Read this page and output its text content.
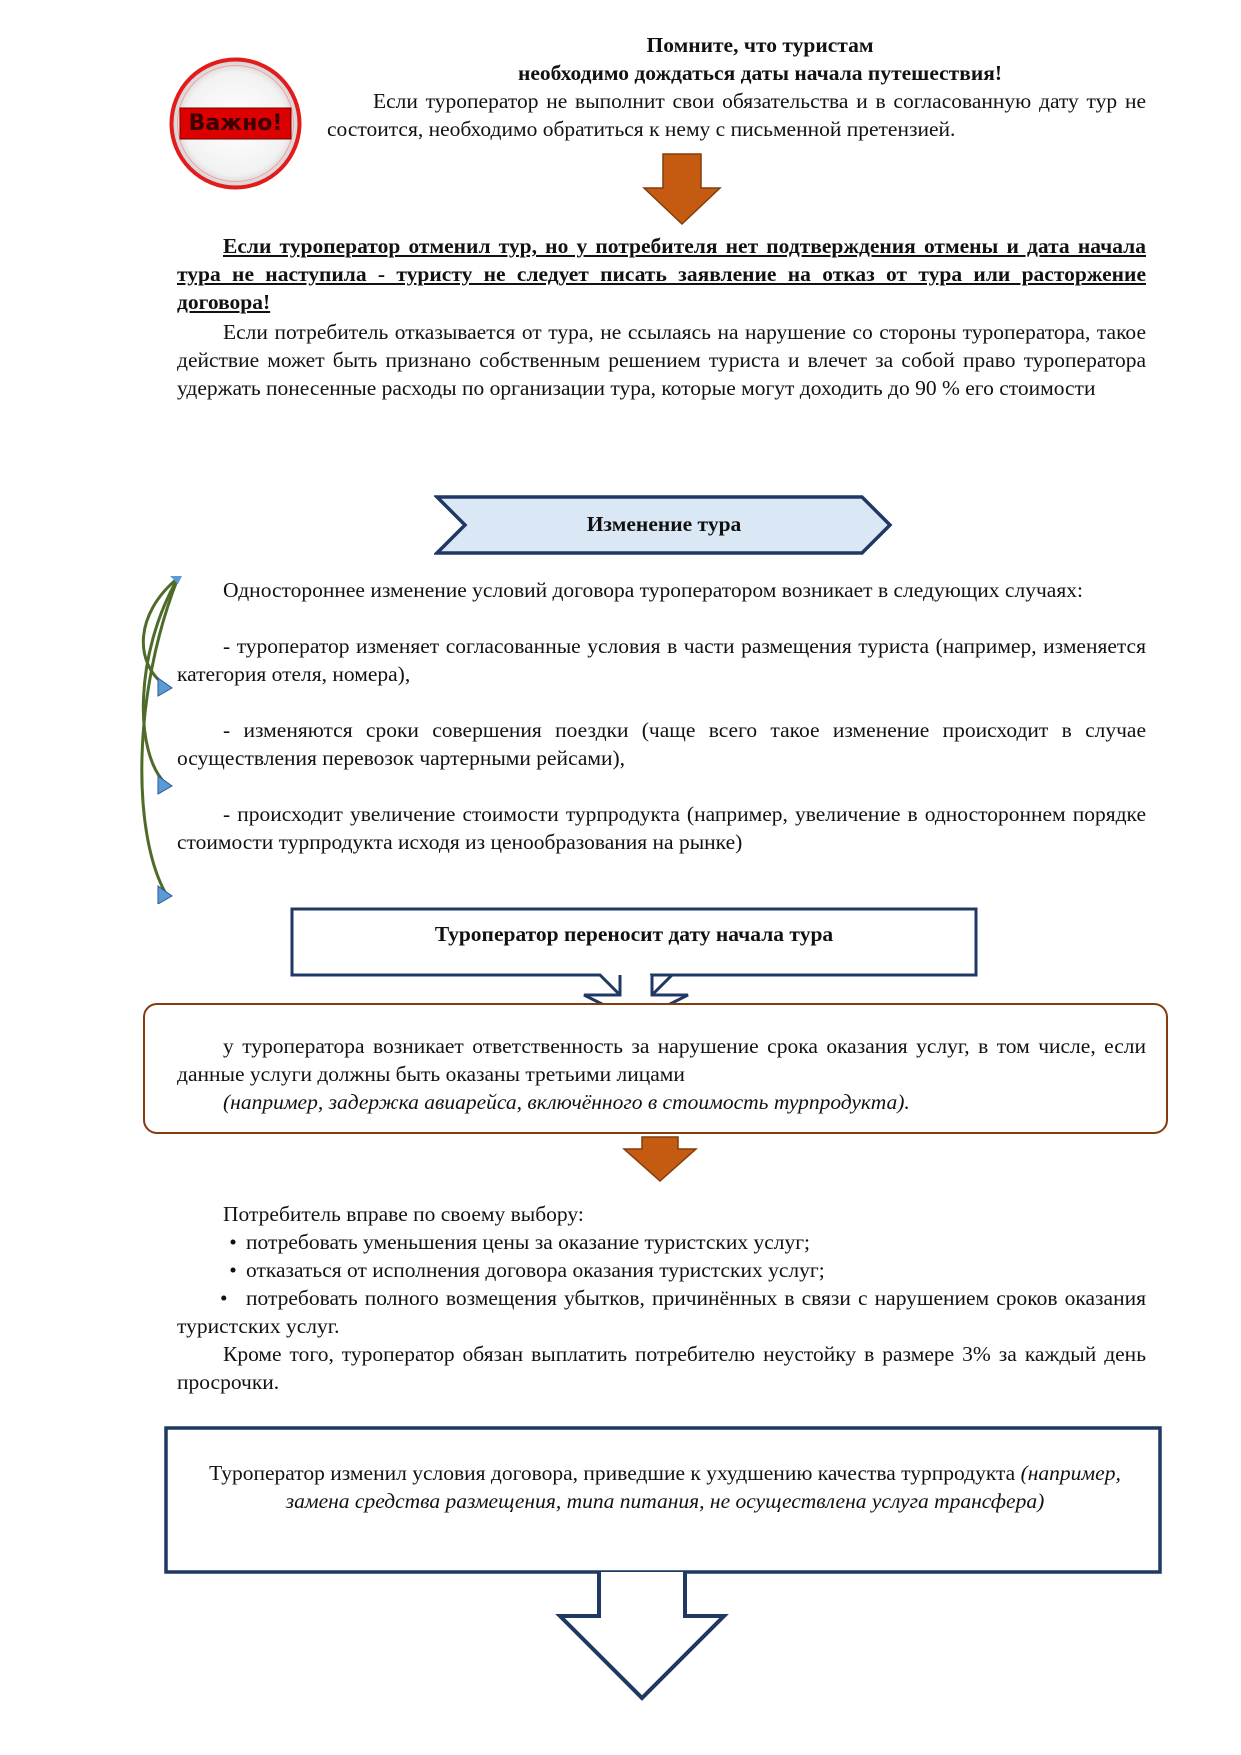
Важно!
Помните, что туристам
необходимо дождаться даты начала путешествия!

Если туроператор не выполнит свои обязательства и в согласованную дату тур не состоится, необходимо обратиться к нему с письменной претензией.

Если туроператор отменил тур, но у потребителя нет подтверждения отмены и дата начала тура не наступила - туристу не следует писать заявление на отказ от тура или расторжение договора!

Если потребитель отказывается от тура, не ссылаясь на нарушение со стороны туроператора, такое действие может быть признано собственным решением туриста и влечет за собой право туроператора удержать понесенные расходы по организации тура, которые могут доходить до 90 % его стоимости

Изменение тура

Одностороннее изменение условий договора туроператором возникает в следующих случаях:

- туроператор изменяет согласованные условия в части размещения туриста (например, изменяется категория отеля, номера),

- изменяются сроки совершения поездки (чаще всего такое изменение происходит в случае осуществления перевозок чартерными рейсами),

- происходит увеличение стоимости турпродукта (например, увеличение в одностороннем порядке стоимости турпродукта исходя из ценообразования на рынке)

Туроператор переносит дату начала тура

у туроператора возникает ответственность за нарушение срока оказания услуг, в том числе, если данные услуги должны быть оказаны третьими лицами

(например, задержка авиарейса, включённого в стоимость турпродукта).

Потребитель вправе по своему выбору:

• потребовать уменьшения цены за оказание туристских услуг;
• отказаться от исполнения договора оказания туристских услуг;

• потребовать полного возмещения убытков, причинённых в связи с нарушением сроков оказания туристских услуг.

Кроме того, туроператор обязан выплатить потребителю неустойку в размере 3% за каждый день просрочки.

Туроператор изменил условия договора, приведшие к ухудшению качества турпродукта (например, замена средства размещения, типа питания, не осуществлена услуга трансфера)
